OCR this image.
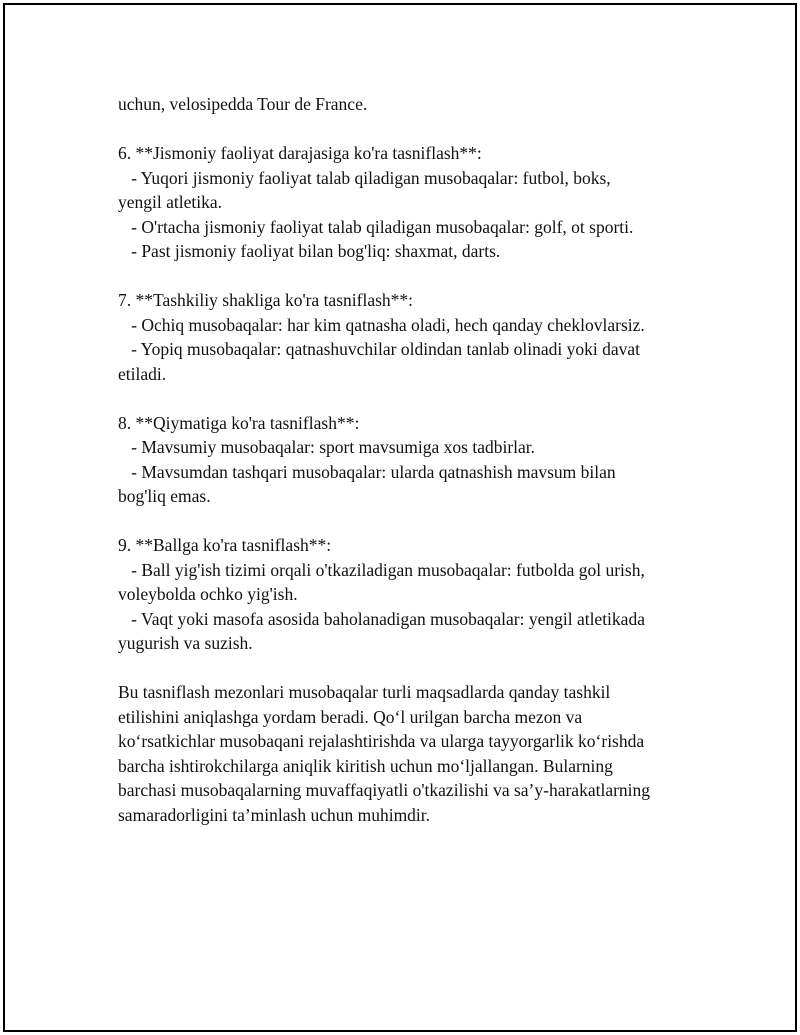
uchun, velosipedda Tour de France.
6. **Jismoniy faoliyat darajasiga ko'ra tasniflash**:
- Yuqori jismoniy faoliyat talab qiladigan musobaqalar: futbol, boks,
yengil atletika.
- O'rtacha jismoniy faoliyat talab qiladigan musobaqalar: golf, ot sporti.
- Past jismoniy faoliyat bilan bog'liq: shaxmat, darts.
7. **Tashkiliy shakliga ko'ra tasniflash**:
- Ochiq musobaqalar: har kim qatnasha oladi, hech qanday cheklovlarsiz.
- Yopiq musobaqalar: qatnashuvchilar oldindan tanlab olinadi yoki davat
etiladi.
8. **Qiymatiga ko'ra tasniflash**:
- Mavsumiy musobaqalar: sport mavsumiga xos tadbirlar.
- Mavsumdan tashqari musobaqalar: ularda qatnashish mavsum bilan
bog'liq emas.
9. **Ballga ko'ra tasniflash**:
- Ball yig'ish tizimi orqali o'tkaziladigan musobaqalar: futbolda gol urish,
voleybolda ochko yig'ish.
- Vaqt yoki masofa asosida baholanadigan musobaqalar: yengil atletikada
yugurish va suzish.
Bu tasniflash mezonlari musobaqalar turli maqsadlarda qanday tashkil
etilishini aniqlashga yordam beradi. Qo‘l urilgan barcha mezon va
ko‘rsatkichlar musobaqani rejalashtirishda va ularga tayyorgarlik ko‘rishda
barcha ishtirokchilarga aniqlik kiritish uchun mo‘ljallangan. Bularning
barchasi musobaqalarning muvaffaqiyatli o'tkazilishi va sa’y-harakatlarning
samaradorligini ta’minlash uchun muhimdir.
